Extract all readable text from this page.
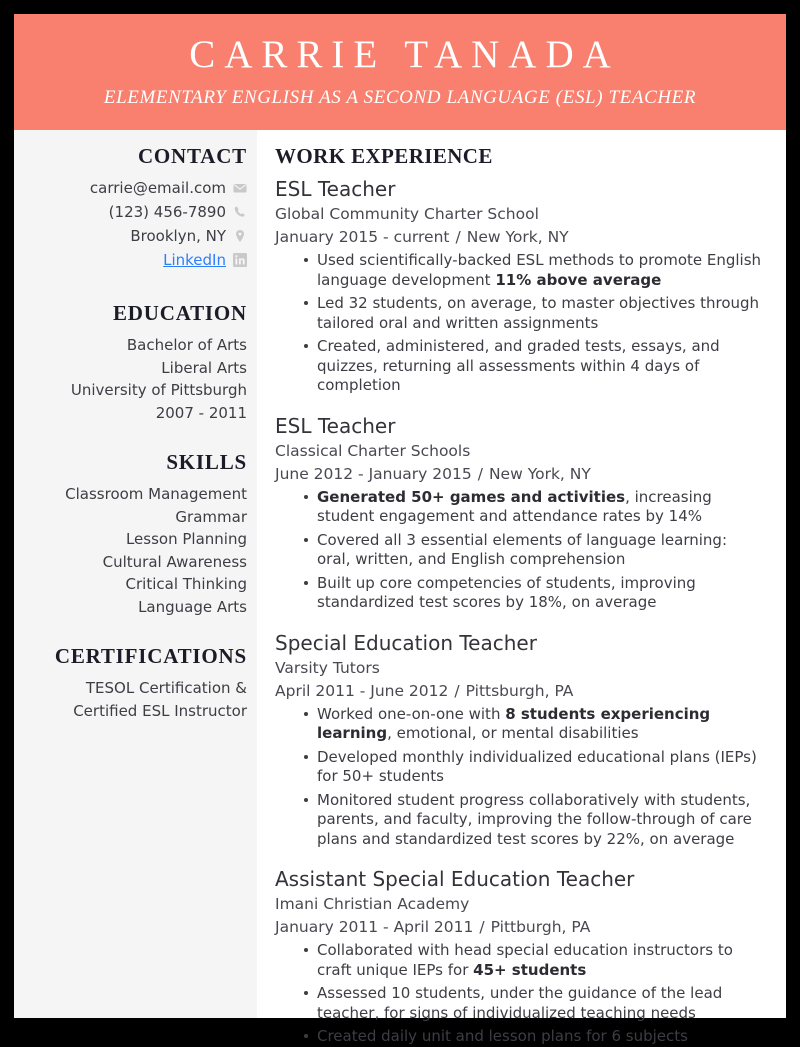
CARRIE TANADA
ELEMENTARY ENGLISH AS A SECOND LANGUAGE (ESL) TEACHER
CONTACT
carrie@email.com
(123) 456-7890
Brooklyn, NY
LinkedIn
EDUCATION
Bachelor of Arts
Liberal Arts
University of Pittsburgh
2007 - 2011
SKILLS
Classroom Management
Grammar
Lesson Planning
Cultural Awareness
Critical Thinking
Language Arts
CERTIFICATIONS
TESOL Certification &
Certified ESL Instructor
WORK EXPERIENCE
ESL Teacher
Global Community Charter School
January 2015 - current / New York, NY
Used scientifically-backed ESL methods to promote English language development 11% above average
Led 32 students, on average, to master objectives through tailored oral and written assignments
Created, administered, and graded tests, essays, and quizzes, returning all assessments within 4 days of completion
ESL Teacher
Classical Charter Schools
June 2012 - January 2015 / New York, NY
Generated 50+ games and activities, increasing student engagement and attendance rates by 14%
Covered all 3 essential elements of language learning: oral, written, and English comprehension
Built up core competencies of students, improving standardized test scores by 18%, on average
Special Education Teacher
Varsity Tutors
April 2011 - June 2012 / Pittsburgh, PA
Worked one-on-one with 8 students experiencing learning, emotional, or mental disabilities
Developed monthly individualized educational plans (IEPs) for 50+ students
Monitored student progress collaboratively with students, parents, and faculty, improving the follow-through of care plans and standardized test scores by 22%, on average
Assistant Special Education Teacher
Imani Christian Academy
January 2011 - April 2011 / Pittburgh, PA
Collaborated with head special education instructors to craft unique IEPs for 45+ students
Assessed 10 students, under the guidance of the lead teacher, for signs of individualized teaching needs
Created daily unit and lesson plans for 6 subjects
